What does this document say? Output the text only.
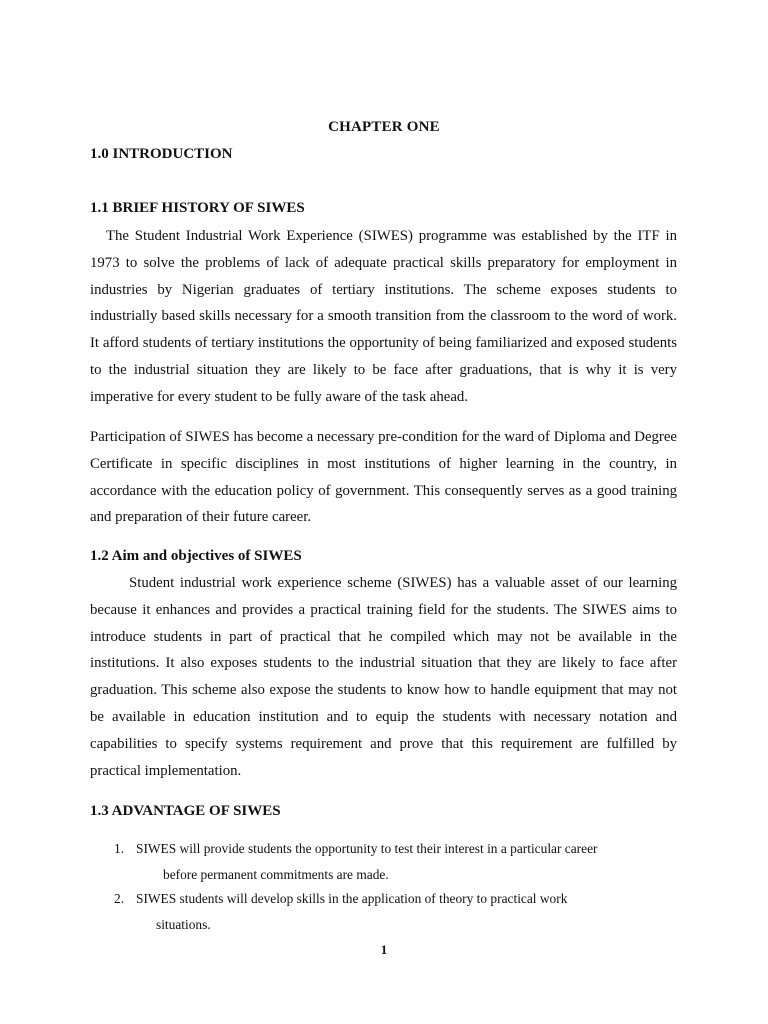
CHAPTER ONE
1.0 INTRODUCTION
1.1 BRIEF HISTORY OF SIWES

The Student Industrial Work Experience (SIWES) programme was established by the ITF in 1973 to solve the problems of lack of adequate practical skills preparatory for employment in industries by Nigerian graduates of tertiary institutions. The scheme exposes students to industrially based skills necessary for a smooth transition from the classroom to the word of work. It afford students of tertiary institutions the opportunity of being familiarized and exposed students to the industrial situation they are likely to be face after graduations, that is why it is very imperative for every student to be fully aware of the task ahead.

Participation of SIWES has become a necessary pre-condition for the ward of Diploma and Degree Certificate in specific disciplines in most institutions of higher learning in the country, in accordance with the education policy of government. This consequently serves as a good training and preparation of their future career.

1.2 Aim and objectives of SIWES

Student industrial work experience scheme (SIWES) has a valuable asset of our learning because it enhances and provides a practical training field for the students. The SIWES aims to introduce students in part of practical that he compiled which may not be available in the institutions. It also exposes students to the industrial situation that they are likely to face after graduation. This scheme also expose the students to know how to handle equipment that may not be available in education institution and to equip the students with necessary notation and capabilities to specify systems requirement and prove that this requirement are fulfilled by practical implementation.

1.3 ADVANTAGE OF SIWES
1. SIWES will provide students the opportunity to test their interest in a particular career
before permanent commitments are made.
2. SIWES students will develop skills in the application of theory to practical work
situations.
1
